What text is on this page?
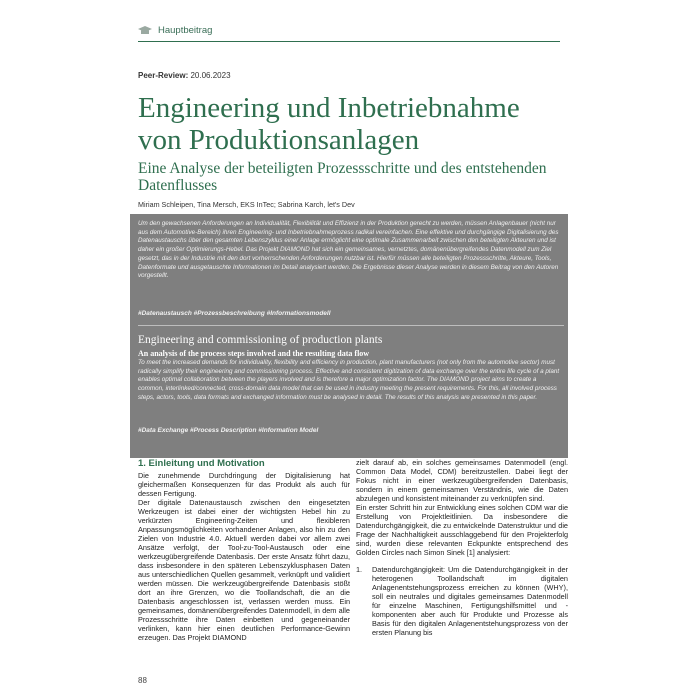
Hauptbeitrag
Peer-Review: 20.06.2023
Engineering und Inbetriebnahme von Produktionsanlagen
Eine Analyse der beteiligten Prozessschritte und des entstehenden Datenflusses
Miriam Schleipen, Tina Mersch, EKS InTec; Sabrina Karch, let's Dev
Um den gewachsenen Anforderungen an Individualität, Flexibilität und Effizienz in der Produktion gerecht zu werden, müssen Anlagenbauer (nicht nur aus dem Automotive-Bereich) ihren Engineering- und Inbetriebnahmeprozess radikal vereinfachen. Eine effektive und durchgängige Digitalisierung des Datenaustauschs über den gesamten Lebenszyklus einer Anlage ermöglicht eine optimale Zusammenarbeit zwischen den beteiligten Akteuren und ist daher ein großer Optimierungs-Hebel. Das Projekt DIAMOND hat sich ein gemeinsames, vernetztes, domänenübergreifendes Datenmodell zum Ziel gesetzt, das in der Industrie mit den dort vorherrschenden Anforderungen nutzbar ist. Hierfür müssen alle beteiligten Prozessschritte, Akteure, Tools, Datenformate und ausgetauschte Informationen im Detail analysiert werden. Die Ergebnisse dieser Analyse werden in diesem Beitrag von den Autoren vorgestellt.
#Datenaustausch #Prozessbeschreibung #Informationsmodell
Engineering and commissioning of production plants
An analysis of the process steps involved and the resulting data flow
To meet the increased demands for individuality, flexibility and efficiency in production, plant manufacturers (not only from the automotive sector) must radically simplify their engineering and commissioning process. Effective and consistent digitization of data exchange over the entire life cycle of a plant enables optimal collaboration between the players involved and is therefore a major optimization factor. The DIAMOND project aims to create a common, interlinked/connected, cross-domain data model that can be used in industry meeting the present requirements. For this, all involved process steps, actors, tools, data formats and exchanged information must be analysed in detail. The results of this analysis are presented in this paper.
#Data Exchange #Process Description #Information Model
1. Einleitung und Motivation

Die zunehmende Durchdringung der Digitalisierung hat gleichermaßen Konsequenzen für das Produkt als auch für dessen Fertigung.

Der digitale Datenaustausch zwischen den eingesetzten Werkzeugen ist dabei einer der wichtigsten Hebel hin zu verkürzten Engineering-Zeiten und flexibleren Anpassungsmöglichkeiten vorhandener Anlagen, also hin zu den Zielen von Industrie 4.0. Aktuell werden dabei vor allem zwei Ansätze verfolgt, der Tool-zu-Tool-Austausch oder eine werkzeugübergreifende Datenbasis. Der erste Ansatz führt dazu, dass insbesondere in den späteren Lebenszyklusphasen Daten aus unterschiedlichen Quellen gesammelt, verknüpft und validiert werden müssen. Die werkzeugübergreifende Datenbasis stößt dort an ihre Grenzen, wo die Toollandschaft, die an die Datenbasis angeschlossen ist, verlassen werden muss. Ein gemeinsames, domänenübergreifendes Datenmodell, in dem alle Prozessschritte ihre Daten einbetten und gegeneinander verlinken, kann hier einen deutlichen Performance-Gewinn erzeugen. Das Projekt DIAMOND

zielt darauf ab, ein solches gemeinsames Datenmodell (engl. Common Data Model, CDM) bereitzustellen. Dabei liegt der Fokus nicht in einer werkzeugübergreifenden Datenbasis, sondern in einem gemeinsamen Verständnis, wie die Daten abzulegen und konsistent miteinander zu verknüpfen sind.

Ein erster Schritt hin zur Entwicklung eines solchen CDM war die Erstellung von Projektleitlinien. Da insbesondere die Datendurchgängigkeit, die zu entwickelnde Datenstruktur und die Frage der Nachhaltigkeit ausschlaggebend für den Projekterfolg sind, wurden diese relevanten Eckpunkte entsprechend des Golden Circles nach Simon Sinek [1] analysiert:

1.	Datendurchgängigkeit: Um die Datendurchgängigkeit in der heterogenen Toollandschaft im digitalen Anlagenentstehungsprozess erreichen zu können (WHY), soll ein neutrales und digitales gemeinsames Datenmodell für einzelne Maschinen, Fertigungshilfsmittel und -komponenten aber auch für Produkte und Prozesse als Basis für den digitalen Anlagenentstehungsprozess von der ersten Planung bis
88
